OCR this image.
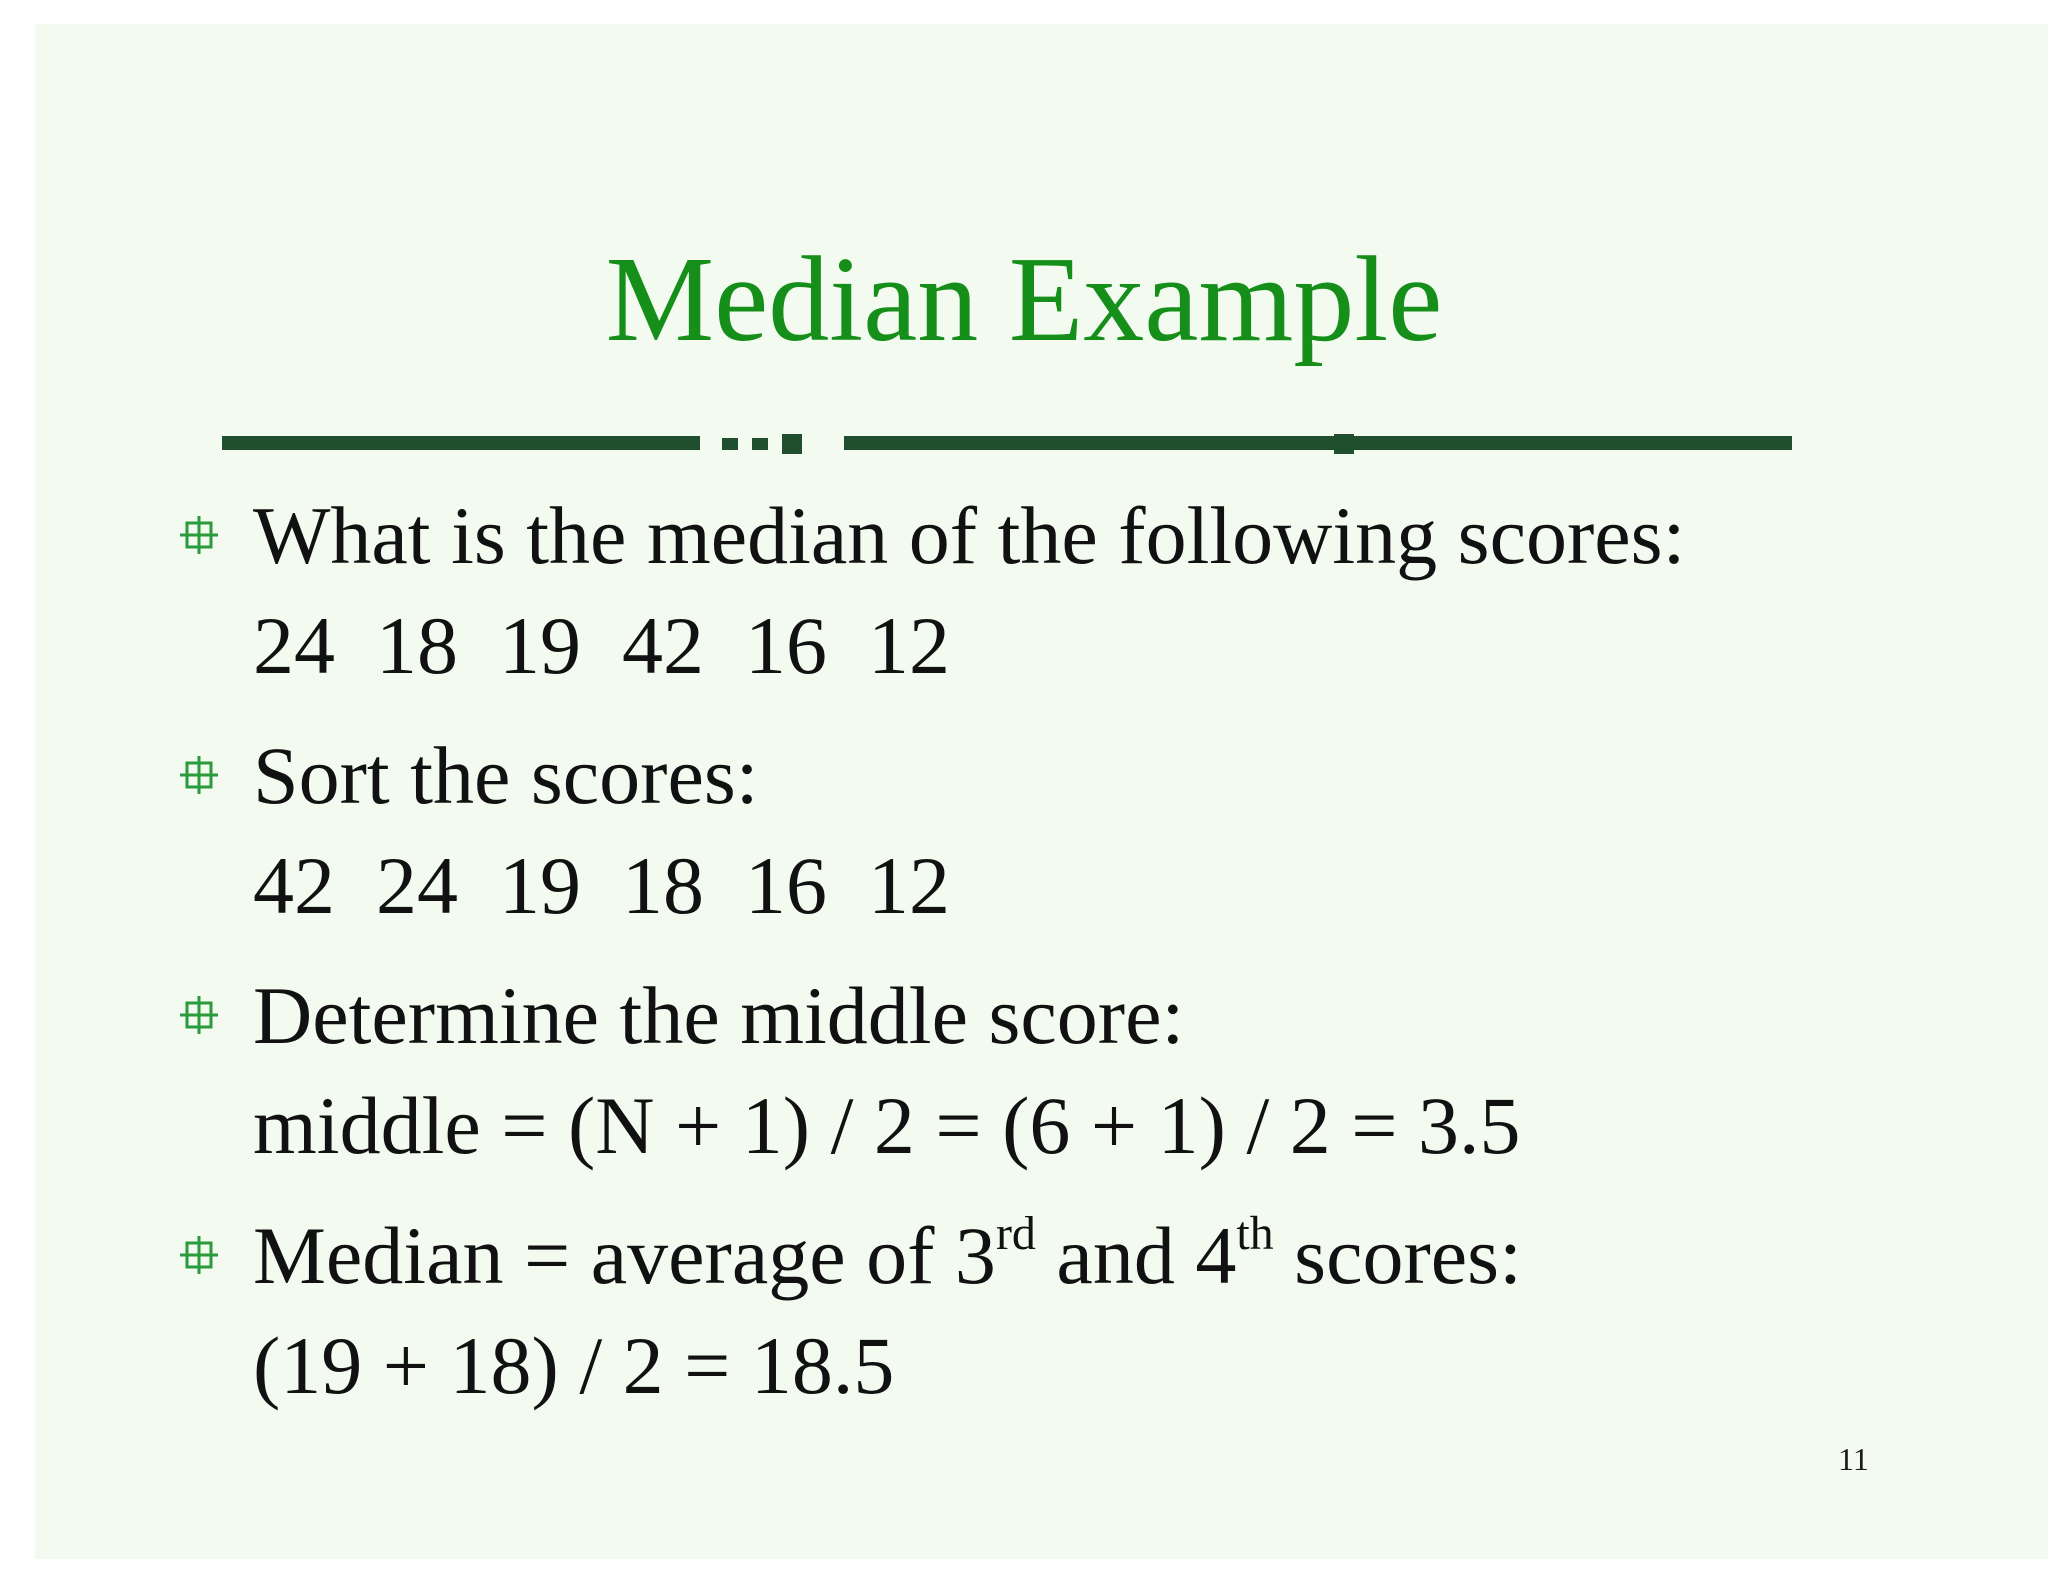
Median Example
What is the median of the following scores:
24  18  19  42  16  12
Sort the scores:
42  24  19  18  16  12
Determine the middle score:
middle = (N + 1) / 2 = (6 + 1) / 2 = 3.5
Median = average of 3rd and 4th scores:
(19 + 18) / 2 = 18.5
11
